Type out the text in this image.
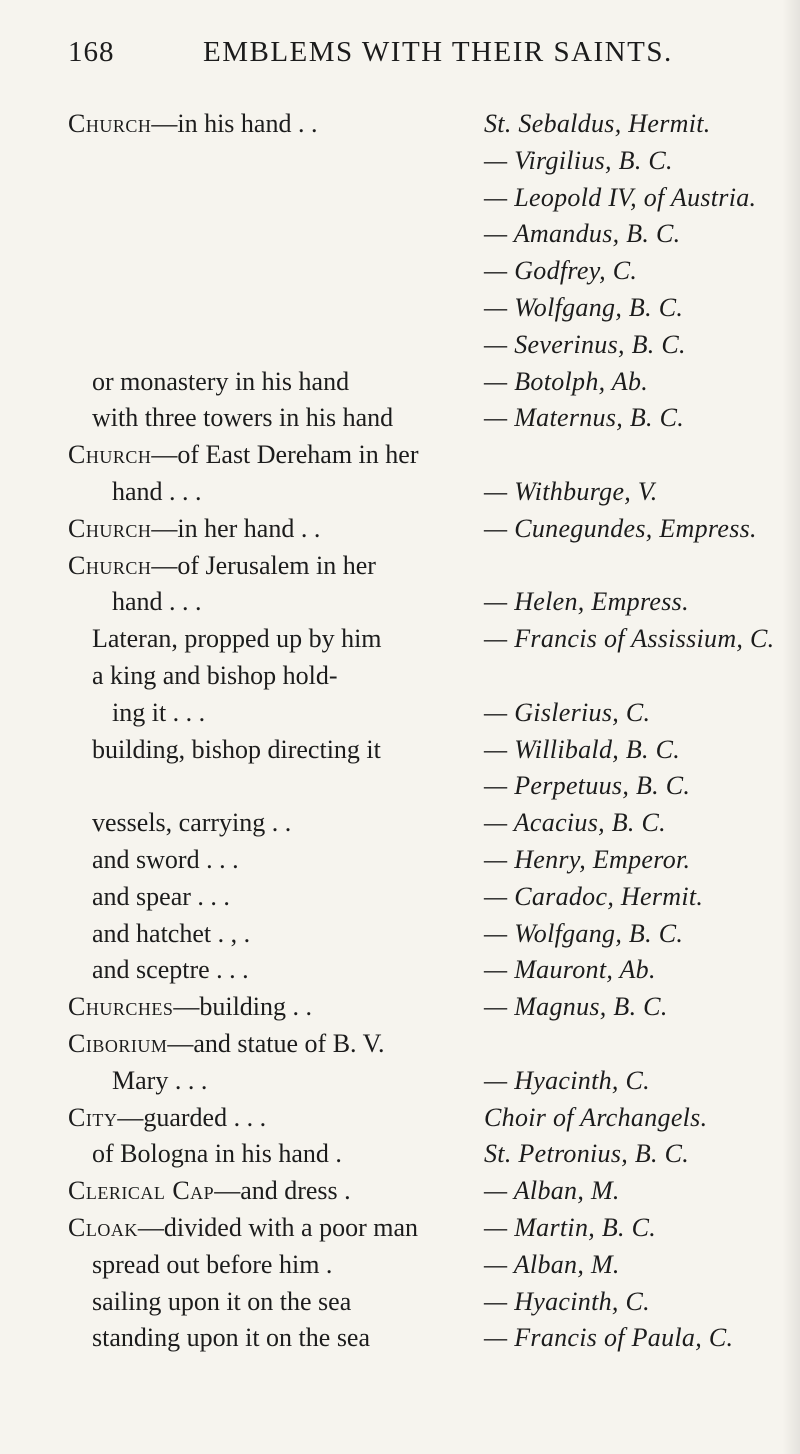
168	EMBLEMS WITH THEIR SAINTS.
Church—in his hand . .
or monastery in his hand
with three towers in his hand
Church—of East Dereham in her
hand . . .
Church—in her hand . .
Church—of Jerusalem in her
hand . . .
Lateran, propped up by him
a king and bishop hold-
ing it . . .
building, bishop directing it
vessels, carrying . .
and sword . . .
and spear . . .
and hatchet . , .
and sceptre . . .
Churches—building . .
Ciborium—and statue of B. V.
Mary . . .
City—guarded . . .
of Bologna in his hand .
Clerical Cap—and dress .
Cloak—divided with a poor man
spread out before him .
sailing upon it on the sea
standing upon it on the sea
St. Sebaldus, Hermit.
— Virgilius, B. C.
— Leopold IV, of Austria.
— Amandus, B. C.
— Godfrey, C.
— Wolfgang, B. C.
— Severinus, B. C.
— Botolph, Ab.
— Maternus, B. C.
— Withburge, V.
— Cunegundes, Empress.
— Helen, Empress.
— Francis of Assissium, C.
— Gislerius, C.
— Willibald, B. C.
— Perpetuus, B. C.
— Acacius, B. C.
— Henry, Emperor.
— Caradoc, Hermit.
— Wolfgang, B. C.
— Mauront, Ab.
— Magnus, B. C.
— Hyacinth, C.
Choir of Archangels.
St. Petronius, B. C.
— Alban, M.
— Martin, B. C.
— Alban, M.
— Hyacinth, C.
— Francis of Paula, C.
